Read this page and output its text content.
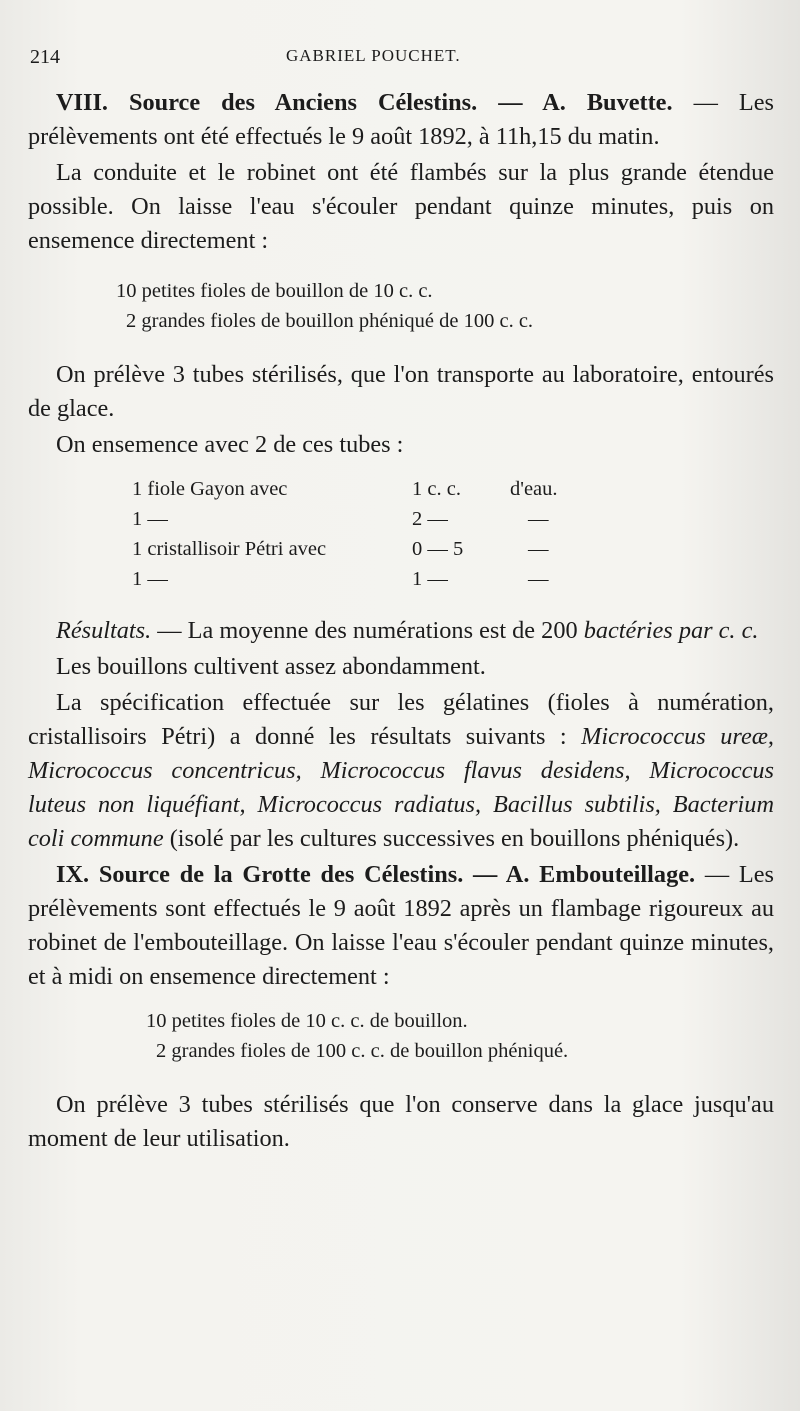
214	GABRIEL POUCHET.

VIII. Source des Anciens Célestins. — A. Buvette. — Les prélèvements ont été effectués le 9 août 1892, à 11h,15 du matin.

La conduite et le robinet ont été flambés sur la plus grande étendue possible. On laisse l'eau s'écouler pendant quinze minutes, puis on ensemence directement :

10 petites fioles de bouillon de 10 c. c.
2 grandes fioles de bouillon phéniqué de 100 c. c.

On prélève 3 tubes stérilisés, que l'on transporte au laboratoire, entourés de glace.

On ensemence avec 2 de ces tubes :

1 fiole Gayon avec	1 c. c. d'eau.
1 —	2 —	—
1 cristallisoir Pétri avec	0 — 5	—
1 —	1 —	—

Résultats. — La moyenne des numérations est de 200 bactéries par c. c.

Les bouillons cultivent assez abondamment.

La spécification effectuée sur les gélatines (fioles à numération, cristallisoirs Pétri) a donné les résultats suivants : Micrococcus ureæ, Micrococcus concentricus, Micrococcus flavus desidens, Micrococcus luteus non liquéfiant, Micrococcus radiatus, Bacillus subtilis, Bacterium coli commune (isolé par les cultures successives en bouillons phéniqués).

IX. Source de la Grotte des Célestins. — A. Embouteillage. — Les prélèvements sont effectués le 9 août 1892 après un flambage rigoureux au robinet de l'embouteillage. On laisse l'eau s'écouler pendant quinze minutes, et à midi on ensemence directement :

10 petites fioles de 10 c. c. de bouillon.
2 grandes fioles de 100 c. c. de bouillon phéniqué.

On prélève 3 tubes stérilisés que l'on conserve dans la glace jusqu'au moment de leur utilisation.
